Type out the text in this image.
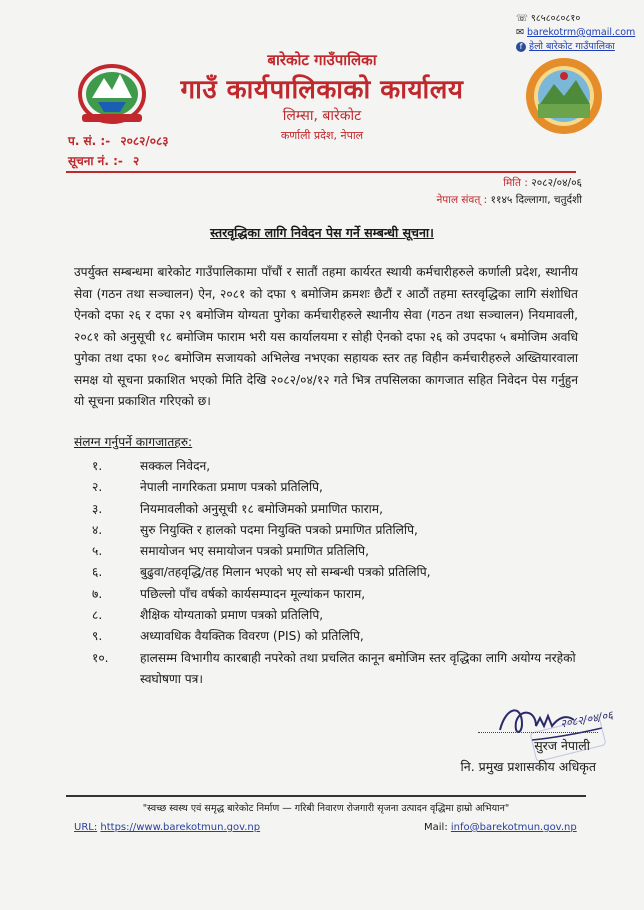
☏ ९८५८०८०८१०
✉ barekotrm@gmail.com
f हेलो बारेकोट गाउँपालिका
बारेकोट गाउँपालिका
गाउँ कार्यपालिकाको कार्यालय
लिम्सा, बारेकोट
कर्णाली प्रदेश, नेपाल
प. सं. :- २०८२/०८३
सूचना नं. :- २
मिति : २०८२/०४/०६
नेपाल संवत् : ११४५ दिल्लागा, चतुर्दशी
स्तरवृद्धिका लागि निवेदन पेस गर्ने सम्बन्धी सूचना।
उपर्युक्त सम्बन्धमा बारेकोट गाउँपालिकामा पाँचौं र सातौं तहमा कार्यरत स्थायी कर्मचारीहरुले कर्णाली प्रदेश, स्थानीय सेवा (गठन तथा सञ्चालन) ऐन, २०८१ को दफा ९ बमोजिम क्रमशः छैटौं र आठौं तहमा स्तरवृद्धिका लागि संशोधित ऐनको दफा २६ र दफा २९ बमोजिम योग्यता पुगेका कर्मचारीहरुले स्थानीय सेवा (गठन तथा सञ्चालन) नियमावली, २०८१ को अनुसूची १८ बमोजिम फाराम भरी यस कार्यालयमा र सोही ऐनको दफा २६ को उपदफा ५ बमोजिम अवधि पुगेका तथा दफा १०८ बमोजिम सजायको अभिलेख नभएका सहायक स्तर तह विहीन कर्मचारीहरुले अख्तियारवाला समक्ष यो सूचना प्रकाशित भएको मिति देखि २०८२/०४/१२ गते भित्र तपसिलका कागजात सहित निवेदन पेस गर्नुहुन यो सूचना प्रकाशित गरिएको छ।
संलग्न गर्नुपर्ने कागजातहरु:
१.	सक्कल निवेदन,
२.	नेपाली नागरिकता प्रमाण पत्रको प्रतिलिपि,
३.	नियमावलीको अनुसूची १८ बमोजिमको प्रमाणित फाराम,
४.	सुरु नियुक्ति र हालको पदमा नियुक्ति पत्रको प्रमाणित प्रतिलिपि,
५.	समायोजन भए समायोजन पत्रको प्रमाणित प्रतिलिपि,
६.	बुढुवा/तहवृद्धि/तह मिलान भएको भए सो सम्बन्धी पत्रको प्रतिलिपि,
७.	पछिल्लो पाँच वर्षको कार्यसम्पादन मूल्यांकन फाराम,
८.	शैक्षिक योग्यताको प्रमाण पत्रको प्रतिलिपि,
९.	अध्यावधिक वैयक्तिक विवरण (PIS) को प्रतिलिपि,
१०.	हालसम्म विभागीय कारबाही नपरेको तथा प्रचलित कानून बमोजिम स्तर वृद्धिका लागि अयोग्य नरहेको स्वघोषणा पत्र।
२०८२/०४/०६
सुरज नेपाली
नि. प्रमुख प्रशासकीय अधिकृत
"स्वच्छ स्वस्थ एवं समृद्ध बारेकोट निर्माण — गरिबी निवारण रोजगारी सृजना उत्पादन वृद्धिमा हाम्रो अभियान"
URL: https://www.barekotmun.gov.np	Mail: info@barekotmun.gov.np
